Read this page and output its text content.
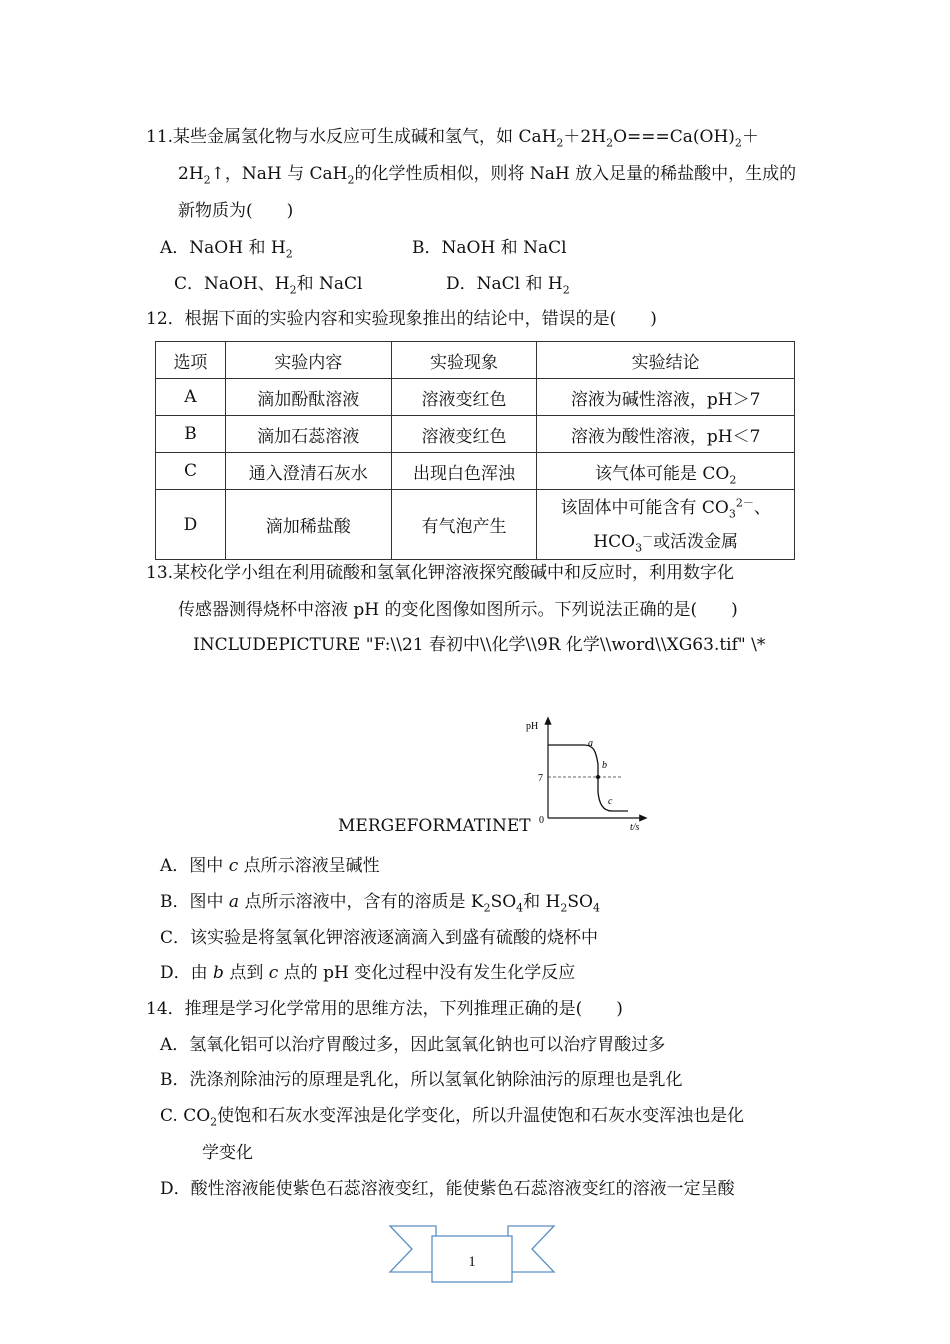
11.某些金属氢化物与水反应可生成碱和氢气，如 $CaH_2+2H_2O===Ca(OH)_2+$
$2H_2↑$，NaH 与 CaH$_2$的化学性质相似，则将 NaH 放入足量的稀盐酸中，生成的
新物质为(　　)
A．NaOH 和 $H_2$	B．NaOH 和 NaCl
C．NaOH、$H_2$和 NaCl	D．NaCl 和 $H_2$
12．根据下面的实验内容和实验现象推出的结论中，错误的是(　　)
选项	实验内容	实验现象	实验结论
A	滴加酚酞溶液	溶液变红色	溶液为碱性溶液，pH＞7
B	滴加石蕊溶液	溶液变红色	溶液为酸性溶液，pH＜7
C	通入澄清石灰水	出现白色浑浊	该气体可能是 $CO_2$
D	滴加稀盐酸	有气泡产生	该固体中可能含有 $CO_3^{2-}$、
$HCO_3^-$或活泼金属
13.某校化学小组在利用硫酸和氢氧化钾溶液探究酸碱中和反应时，利用数字化
传感器测得烧杯中溶液 pH 的变化图像如图所示。下列说法正确的是(　　)
INCLUDEPICTURE "F:\\21 春初中\\化学\\9R 化学\\word\\XG63.tif" \*
MERGEFORMATINET
pH
t/s
0
7
a
b
c
A．图中 c 点所示溶液呈碱性
B．图中 a 点所示溶液中，含有的溶质是 $K_2SO_4$和 $H_2SO_4$
C．该实验是将氢氧化钾溶液逐滴滴入到盛有硫酸的烧杯中
D．由 b 点到 c 点的 pH 变化过程中没有发生化学反应
14．推理是学习化学常用的思维方法，下列推理正确的是(　　)
A．氢氧化铝可以治疗胃酸过多，因此氢氧化钠也可以治疗胃酸过多
B．洗涤剂除油污的原理是乳化，所以氢氧化钠除油污的原理也是乳化
C. $CO_2$使饱和石灰水变浑浊是化学变化，所以升温使饱和石灰水变浑浊也是化
学变化
D．酸性溶液能使紫色石蕊溶液变红，能使紫色石蕊溶液变红的溶液一定呈酸
1
